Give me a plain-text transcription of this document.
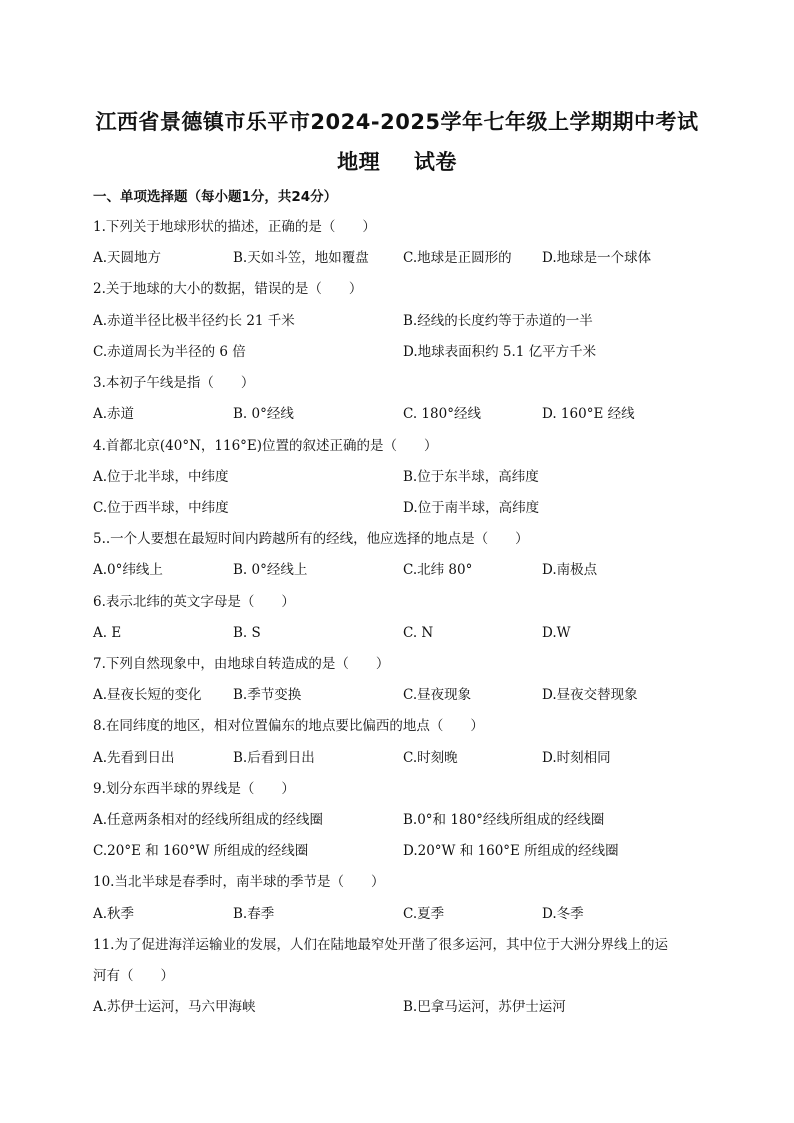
江西省景德镇市乐平市2024-2025学年七年级上学期期中考试
地理 试卷
一、单项选择题（每小题1分，共24分）
1.下列关于地球形状的描述，正确的是（　　）
A.天圆地方	B.天如斗笠，地如覆盘	C.地球是正圆形的 D.地球是一个球体
2.关于地球的大小的数据，错误的是（　　）
A.赤道半径比极半径约长 21 千米	B.经线的长度约等于赤道的一半
C.赤道周长为半径的 6 倍	D.地球表面积约 5.1 亿平方千米
3.本初子午线是指（　　）
A.赤道	B. 0°经线	C. 180°经线	D. 160°E 经线
4.首都北京(40°N，116°E)位置的叙述正确的是（　　）
A.位于北半球，中纬度	B.位于东半球，高纬度
C.位于西半球，中纬度	D.位于南半球，高纬度
5..一个人要想在最短时间内跨越所有的经线，他应选择的地点是（　　）
A.0°纬线上	B. 0°经线上	C.北纬 80°	D.南极点
6.表示北纬的英文字母是（　　）
A. E	B. S	C. N	D.W
7.下列自然现象中，由地球自转造成的是（　　）
A.昼夜长短的变化 B.季节变换	C.昼夜现象	D.昼夜交替现象
8.在同纬度的地区，相对位置偏东的地点要比偏西的地点（　　）
A.先看到日出	B.后看到日出	C.时刻晚	D.时刻相同
9.划分东西半球的界线是（　　）
A.任意两条相对的经线所组成的经线圈	B.0°和 180°经线所组成的经线圈
C.20°E 和 160°W 所组成的经线圈	D.20°W 和 160°E 所组成的经线圈
10.当北半球是春季时，南半球的季节是（　　）
A.秋季	B.春季	C.夏季	D.冬季
11.为了促进海洋运输业的发展，人们在陆地最窄处开凿了很多运河，其中位于大洲分界线上的运
河有（　　）
A.苏伊士运河，马六甲海峡	B.巴拿马运河，苏伊士运河
